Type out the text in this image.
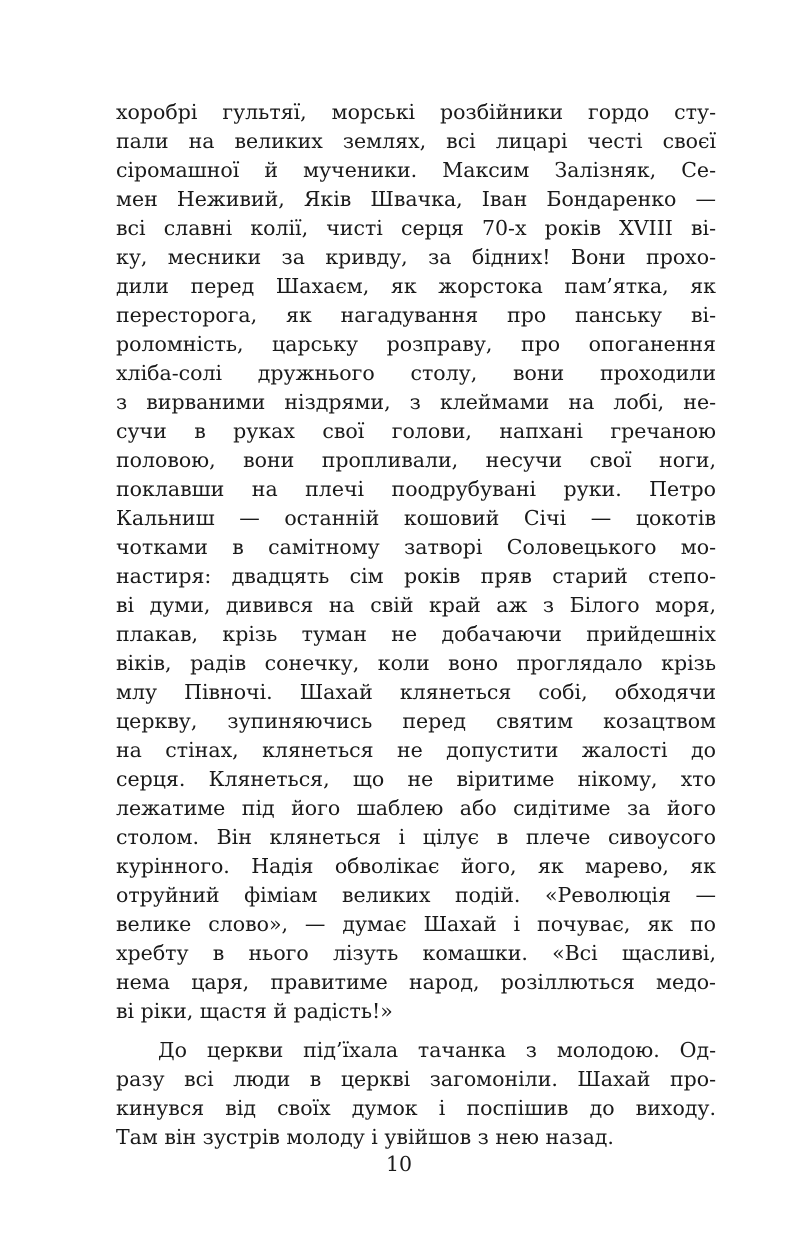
хоробрі гультяї, морські розбійники гордо сту-
пали на великих землях, всі лицарі честі своєї
сіромашної й мученики. Максим Залізняк, Се-
мен Неживий, Яків Швачка, Іван Бондаренко —
всі славні колії, чисті серця 70-х років XVIII ві-
ку, месники за кривду, за бідних! Вони прохо-
дили перед Шахаєм, як жорстока пам’ятка, як
пересторога, як нагадування про панську ві-
роломність, царську розправу, про опоганення
хліба-солі дружнього столу, вони проходили
з вирваними ніздрями, з клеймами на лобі, не-
сучи в руках свої голови, напхані гречаною
половою, вони пропливали, несучи свої ноги,
поклавши на плечі поодрубувані руки. Петро
Кальниш — останній кошовий Січі — цокотів
чотками в самітному затворі Соловецького мо-
настиря: двадцять сім років пряв старий степо-
ві думи, дивився на свій край аж з Білого моря,
плакав, крізь туман не добачаючи прийдешніх
віків, радів сонечку, коли воно проглядало крізь
млу Півночі. Шахай клянеться собі, обходячи
церкву, зупиняючись перед святим козацтвом
на стінах, клянеться не допустити жалості до
серця. Клянеться, що не віритиме нікому, хто
лежатиме під його шаблею або сидітиме за його
столом. Він клянеться і цілує в плече сивоусого
курінного. Надія обволікає його, як марево, як
отруйний фіміам великих подій. «Революція —
велике слово», — думає Шахай і почуває, як по
хребту в нього лізуть комашки. «Всі щасливі,
нема царя, правитиме народ, розіллються медо-
ві ріки, щастя й радість!»
До церкви під’їхала тачанка з молодою. Од-
разу всі люди в церкві загомоніли. Шахай про-
кинувся від своїх думок і поспішив до виходу.
Там він зустрів молоду і увійшов з нею назад.
10
